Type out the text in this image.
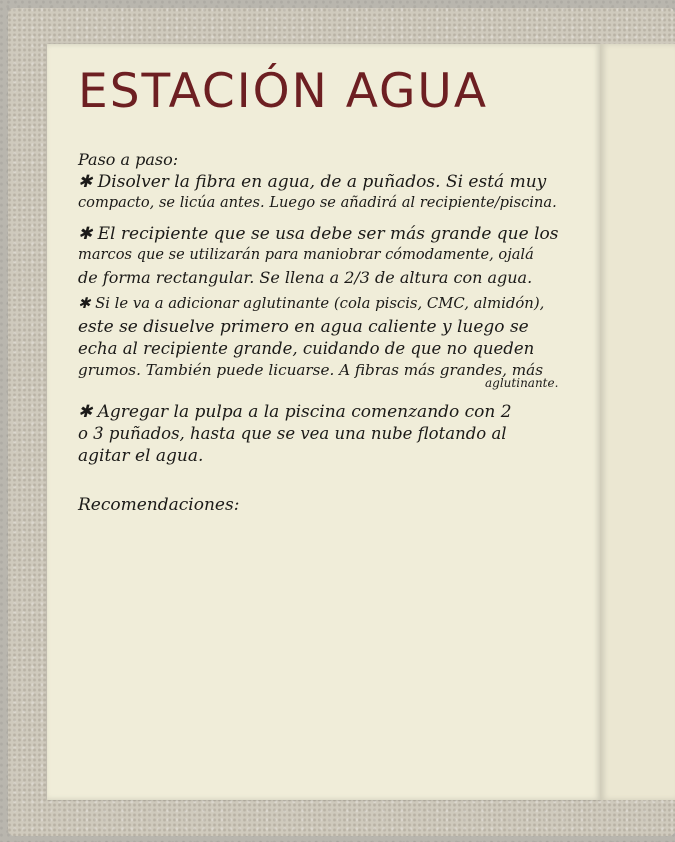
ESTACIÓN AGUA
Paso a paso:
✱ Disolver la fibra en agua, de a puñados. Si está muy
compacto, se licúa antes. Luego se añadirá al recipiente/piscina.
✱ El recipiente que se usa debe ser más grande que los
marcos que se utilizarán para maniobrar cómodamente, ojalá
de forma rectangular. Se llena a 2/3 de altura con agua.
✱ Si le va a adicionar aglutinante (cola piscis, CMC, almidón),
este se disuelve primero en agua caliente y luego se
echa al recipiente grande, cuidando de que no queden
grumos. También puede licuarse. A fibras más grandes, más
aglutinante.
✱ Agregar la pulpa a la piscina comenzando con 2
o 3 puñados, hasta que se vea una nube flotando al
agitar el agua.
Recomendaciones:
